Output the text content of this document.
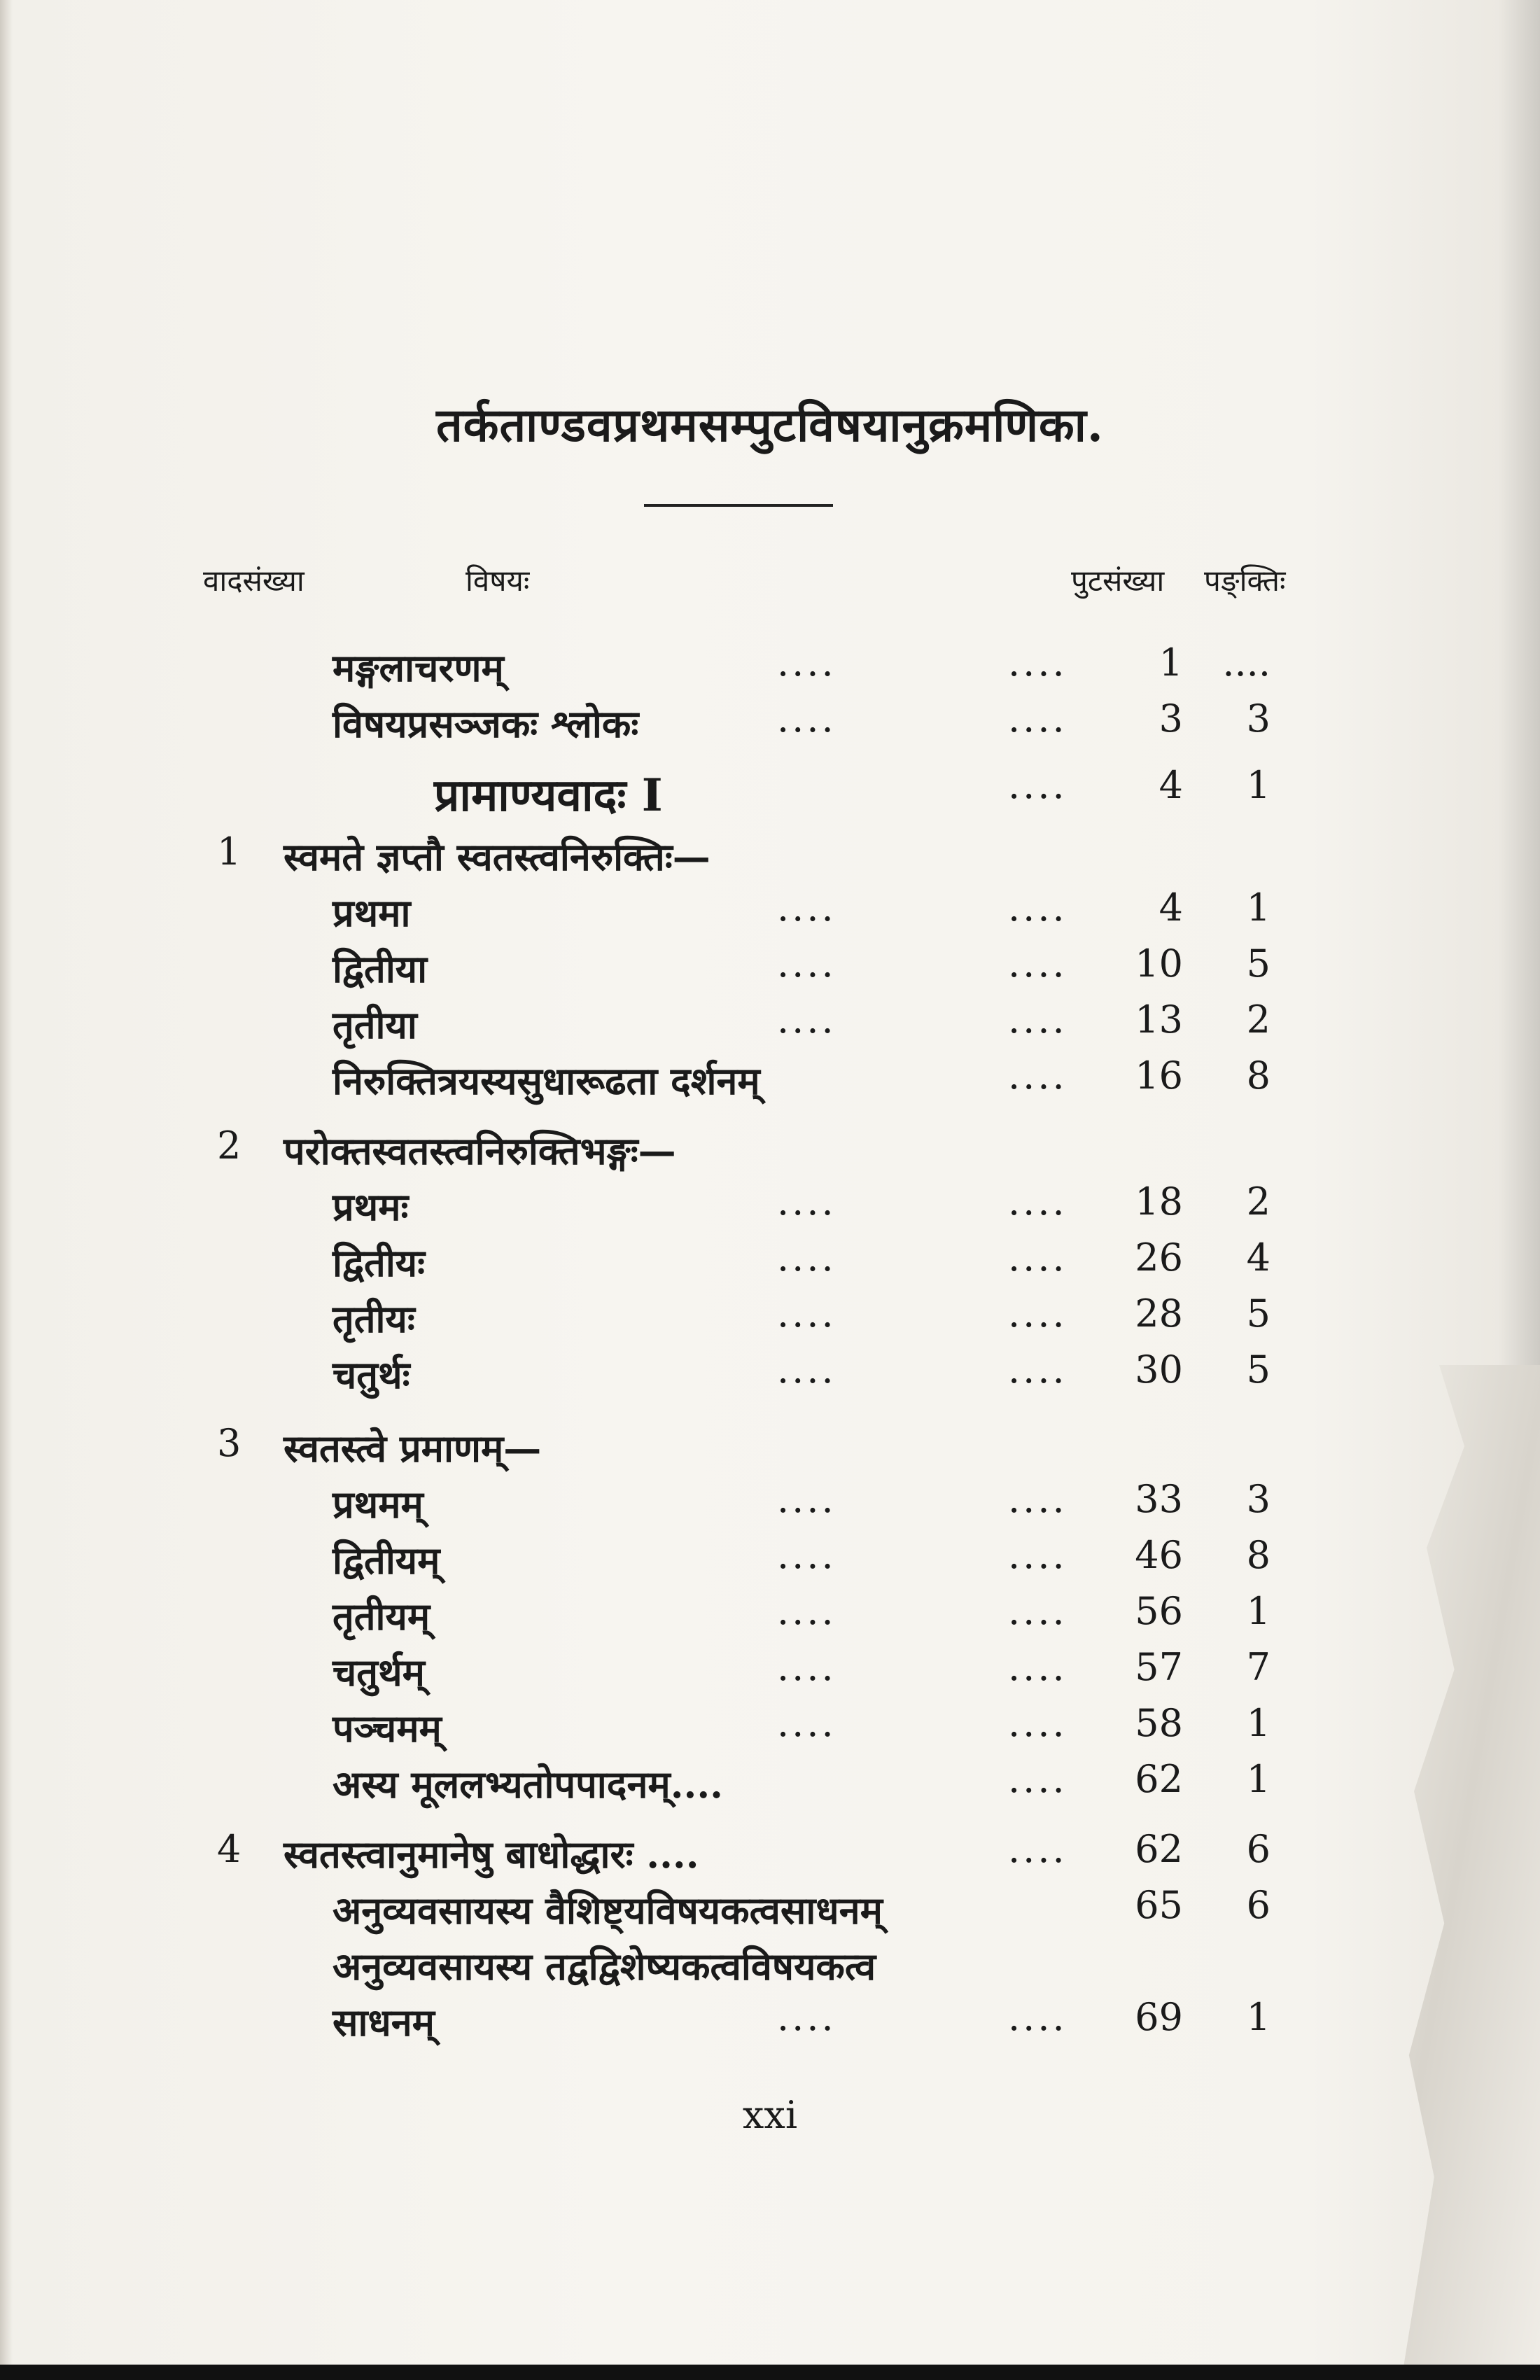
तर्कताण्डवप्रथमसम्पुटविषयानुक्रमणिका.
वादसंख्या	विषयः	पुटसंख्या पङ्क्तिः
मङ्गलाचरणम्	....	....	1 ....
विषयप्रसञ्जकः श्लोकः	....	....	3	3
प्रामाण्यवादः I	....	4	1
1 स्वमते ज्ञप्तौ स्वतस्त्वनिरुक्तिः—
प्रथमा	....	....	4	1
द्वितीया	....	....	10	5
तृतीया	....	....	13	2
निरुक्तित्रयस्यसुधारूढता दर्शनम्	....	16	8
2 परोक्तस्वतस्त्वनिरुक्तिभङ्गः—
प्रथमः	....	....	18	2
द्वितीयः	....	....	26	4
तृतीयः	....	....	28	5
चतुर्थः	....	....	30	5
3 स्वतस्त्वे प्रमाणम्—
प्रथमम्	....	....	33	3
द्वितीयम्	....	....	46	8
तृतीयम्	....	....	56	1
चतुर्थम्	....	....	57	7
पञ्चमम्	....	....	58	1
अस्य मूललभ्यतोपपादनम्....	....	62	1
4 स्वतस्त्वानुमानेषु बाधोद्धारः ....	....	62	6
अनुव्यवसायस्य वैशिष्ट्यविषयकत्वसाधनम्	65	6
अनुव्यवसायस्य तद्वद्विशेष्यकत्वविषयकत्व
साधनम्	....	....	69	1
xxi
